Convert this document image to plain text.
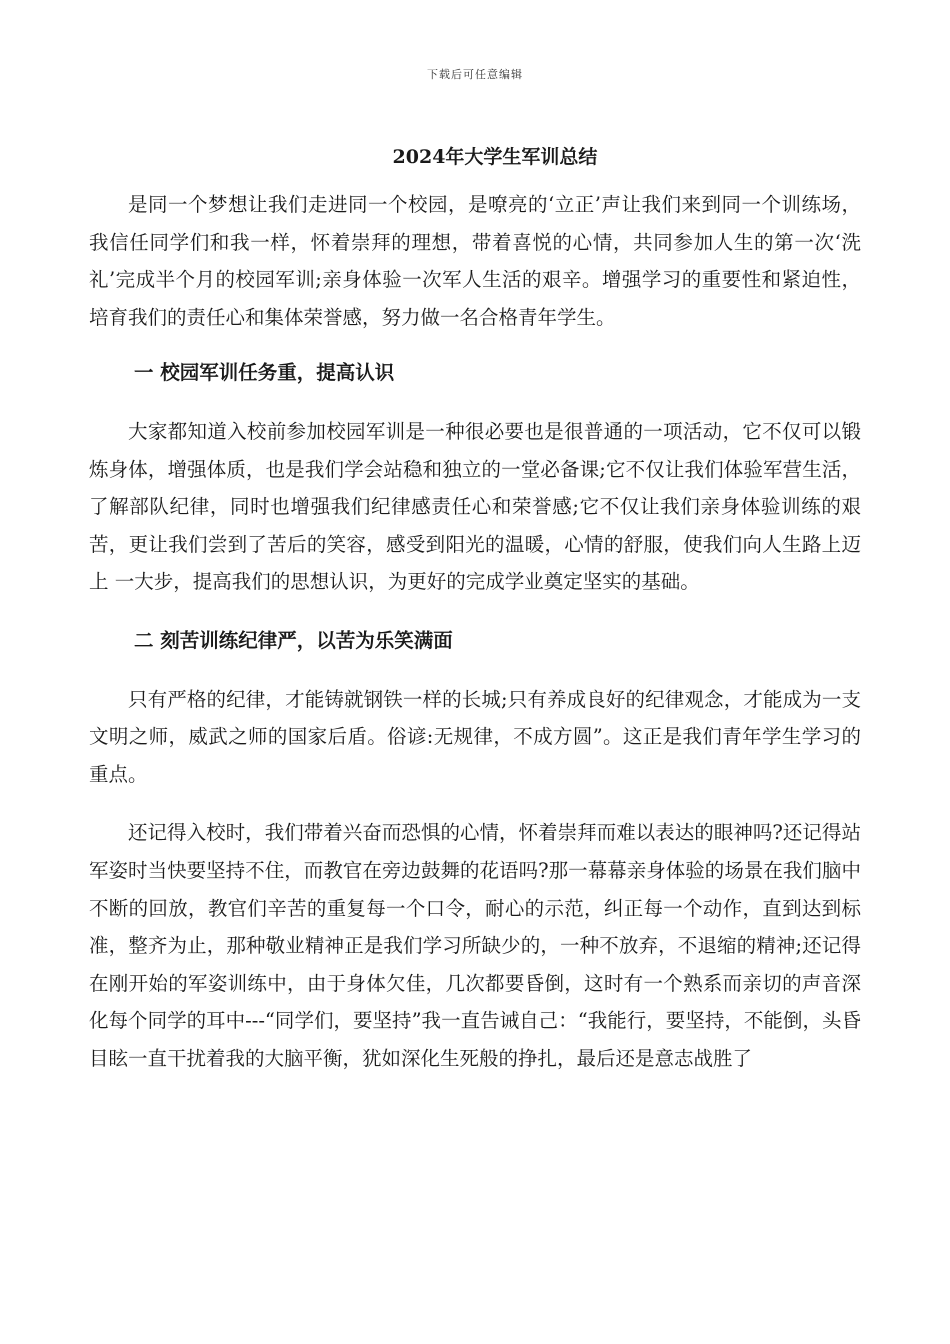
下载后可任意编辑
2024年大学生军训总结

是同一个梦想让我们走进同一个校园，是嘹亮的‘立正’声让我们来到同一个训练场，我信任同学们和我一样，怀着崇拜的理想，带着喜悦的心情，共同参加人生的第一次‘洗礼’完成半个月的校园军训;亲身体验一次军人生活的艰辛。增强学习的重要性和紧迫性，培育我们的责任心和集体荣誉感，努力做一名合格青年学生。

一 校园军训任务重，提高认识

大家都知道入校前参加校园军训是一种很必要也是很普通的一项活动，它不仅可以锻炼身体，增强体质，也是我们学会站稳和独立的一堂必备课;它不仅让我们体验军营生活，了解部队纪律，同时也增强我们纪律感责任心和荣誉感;它不仅让我们亲身体验训练的艰苦，更让我们尝到了苦后的笑容，感受到阳光的温暖，心情的舒服，使我们向人生路上迈上 一大步，提高我们的思想认识，为更好的完成学业奠定坚实的基础。

二 刻苦训练纪律严，以苦为乐笑满面

只有严格的纪律，才能铸就钢铁一样的长城;只有养成良好的纪律观念，才能成为一支文明之师，威武之师的国家后盾。俗谚:无规律，不成方圆”。这正是我们青年学生学习的重点。

还记得入校时，我们带着兴奋而恐惧的心情，怀着崇拜而难以表达的眼神吗?还记得站军姿时当快要坚持不住，而教官在旁边鼓舞的花语吗?那一幕幕亲身体验的场景在我们脑中不断的回放，教官们辛苦的重复每一个口令，耐心的示范，纠正每一个动作，直到达到标准，整齐为止，那种敬业精神正是我们学习所缺少的，一种不放弃，不退缩的精神;还记得在刚开始的军姿训练中，由于身体欠佳，几次都要昏倒，这时有一个熟系而亲切的声音深化每个同学的耳中---“同学们，要坚持”我一直告诫自己：“我能行，要坚持，不能倒，头昏目眩一直干扰着我的大脑平衡，犹如深化生死般的挣扎，最后还是意志战胜了
